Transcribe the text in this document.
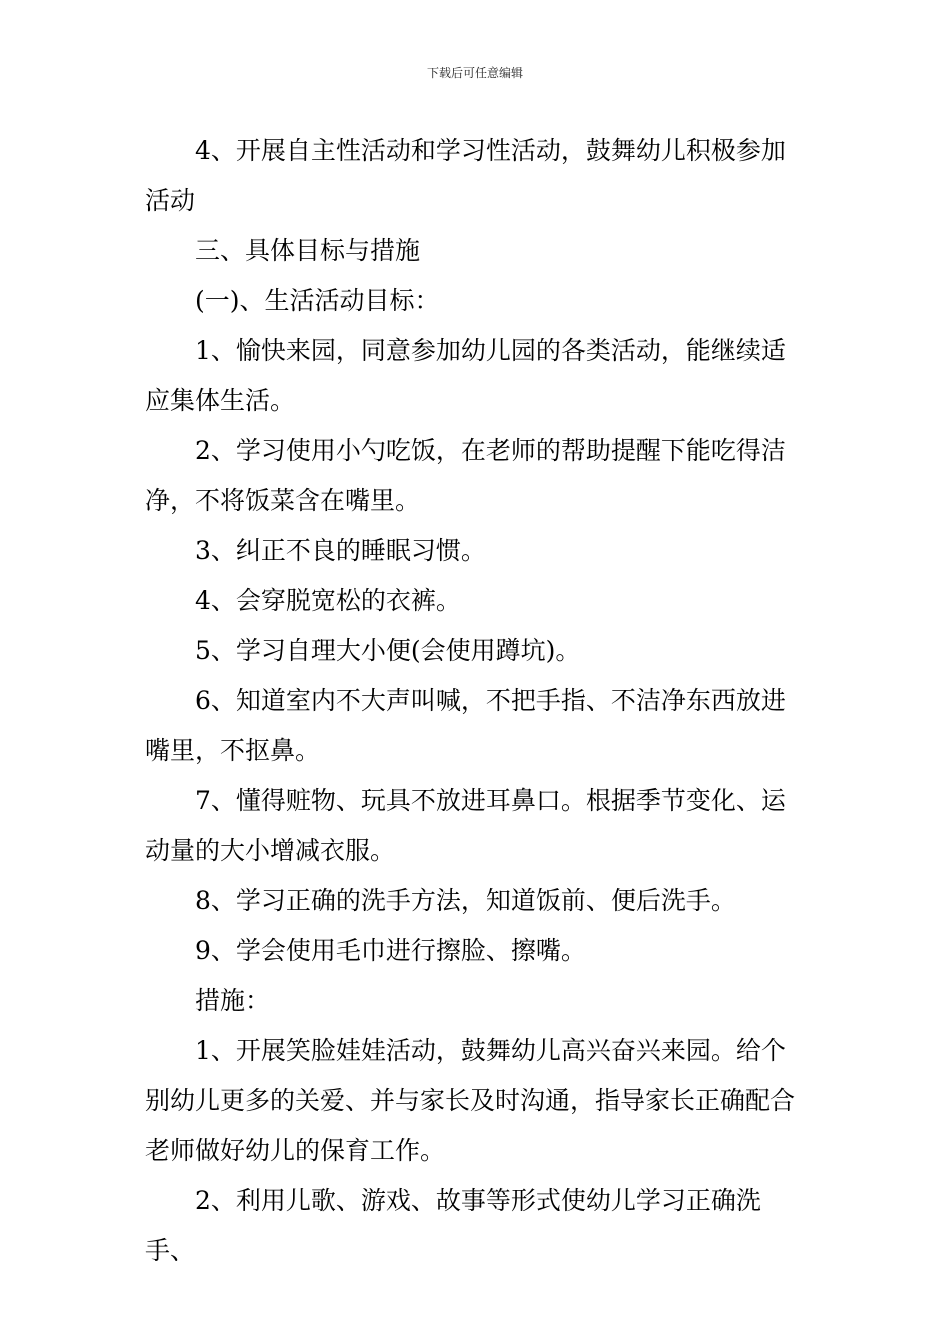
下载后可任意编辑

4、开展自主性活动和学习性活动，鼓舞幼儿积极参加活动

三、具体目标与措施

(一)、生活活动目标：

1、愉快来园，同意参加幼儿园的各类活动，能继续适应集体生活。

2、学习使用小勺吃饭，在老师的帮助提醒下能吃得洁净，不将饭菜含在嘴里。

3、纠正不良的睡眠习惯。

4、会穿脱宽松的衣裤。

5、学习自理大小便(会使用蹲坑)。

6、知道室内不大声叫喊，不把手指、不洁净东西放进嘴里，不抠鼻。

7、懂得赃物、玩具不放进耳鼻口。根据季节变化、运动量的大小增减衣服。

8、学习正确的洗手方法，知道饭前、便后洗手。

9、学会使用毛巾进行擦脸、擦嘴。

措施：

1、开展笑脸娃娃活动，鼓舞幼儿高兴奋兴来园。给个别幼儿更多的关爱、并与家长及时沟通，指导家长正确配合老师做好幼儿的保育工作。

2、利用儿歌、游戏、故事等形式使幼儿学习正确洗手、
